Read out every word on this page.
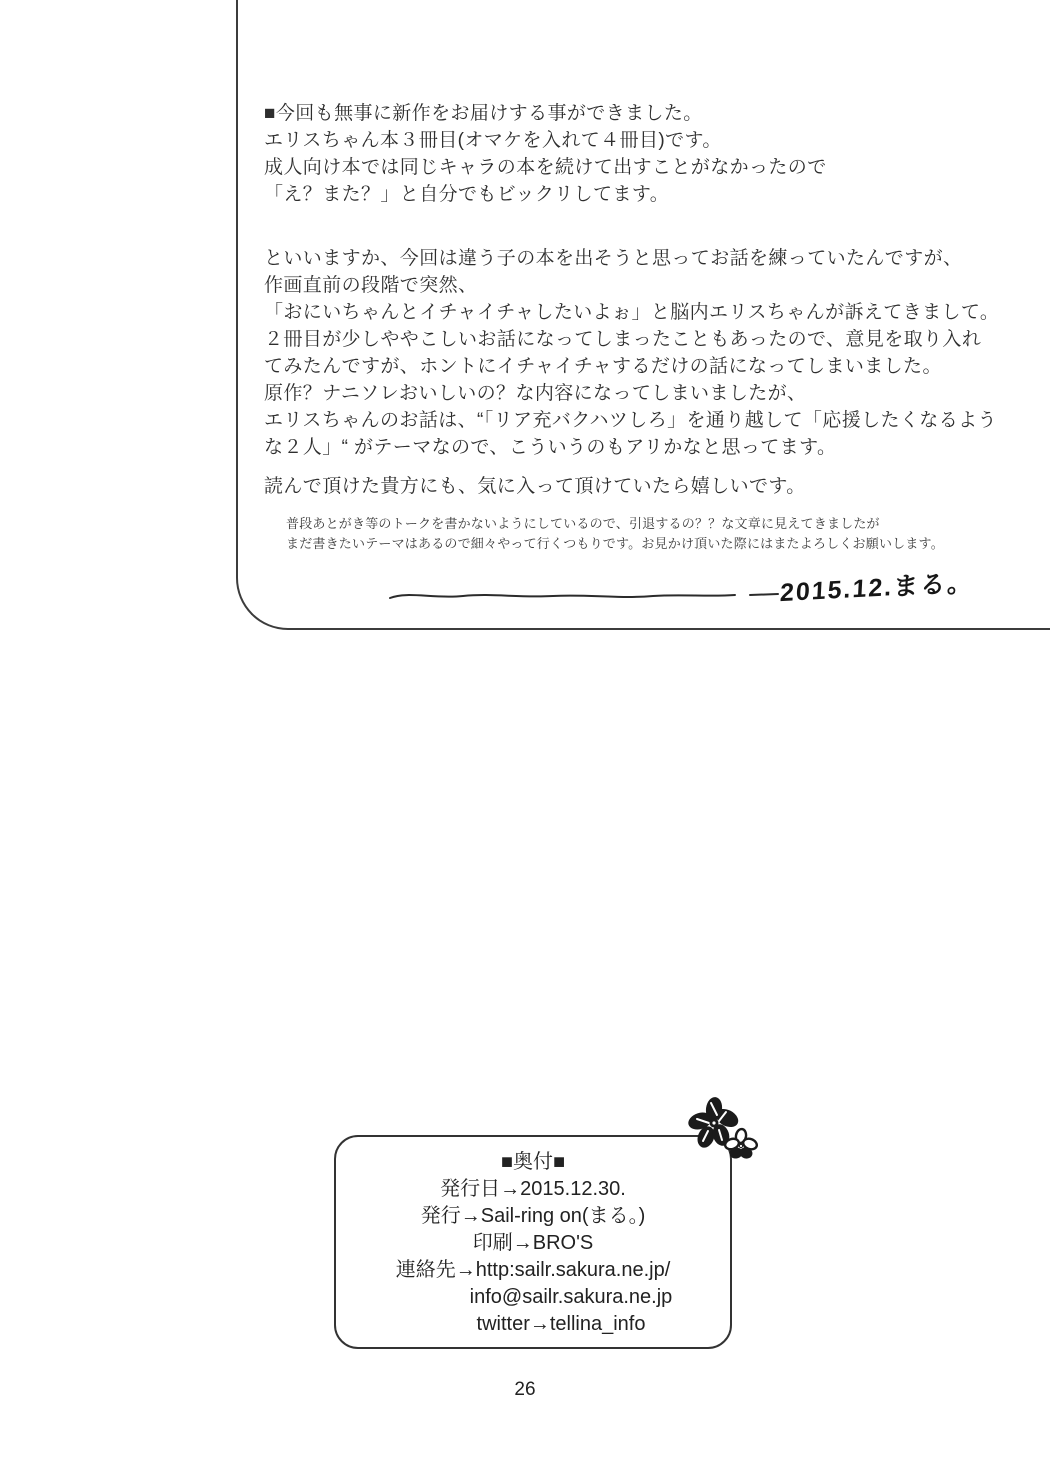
■今回も無事に新作をお届けする事ができました。
エリスちゃん本３冊目(オマケを入れて４冊目)です。
成人向け本では同じキャラの本を続けて出すことがなかったので
「え？また？」と自分でもビックリしてます。
といいますか、今回は違う子の本を出そうと思ってお話を練っていたんですが、
作画直前の段階で突然、
「おにいちゃんとイチャイチャしたいよぉ」と脳内エリスちゃんが訴えてきまして。
２冊目が少しややこしいお話になってしまったこともあったので、意見を取り入れ
てみたんですが、ホントにイチャイチャするだけの話になってしまいました。
原作？ナニソレおいしいの？な内容になってしまいましたが、
エリスちゃんのお話は、“「リア充バクハツしろ」を通り越して「応援したくなるよう
な２人」“ がテーマなので、こういうのもアリかなと思ってます。
読んで頂けた貴方にも、気に入って頂けていたら嬉しいです。
普段あとがき等のトークを書かないようにしているので、引退するの？？な文章に見えてきましたが
まだ書きたいテーマはあるので細々やって行くつもりです。お見かけ頂いた際にはまたよろしくお願いします。
2015.12.まる。
■奥付■
発行日→2015.12.30.
発行→Sail-ring on(まる。)
印刷→BRO'S
連絡先→http:sailr.sakura.ne.jp/
info@sailr.sakura.ne.jp
twitter→tellina_info
26
